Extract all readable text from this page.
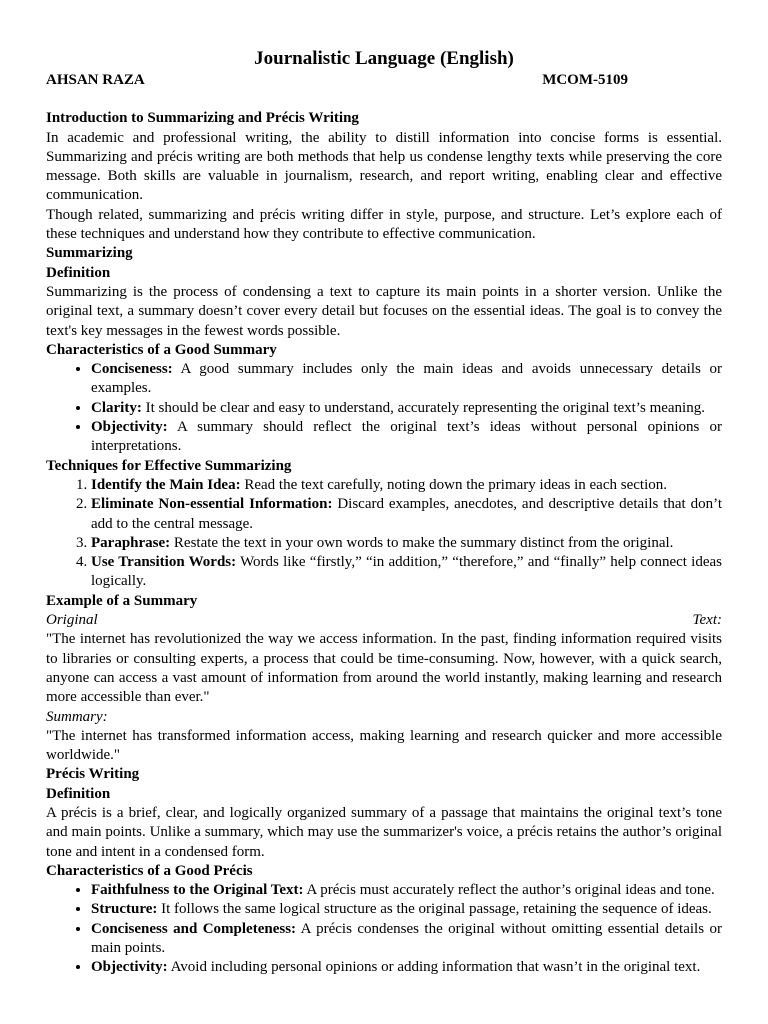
Journalistic Language (English)
AHSAN RAZA	MCOM-5109
Introduction to Summarizing and Précis Writing

In academic and professional writing, the ability to distill information into concise forms is essential. Summarizing and précis writing are both methods that help us condense lengthy texts while preserving the core message. Both skills are valuable in journalism, research, and report writing, enabling clear and effective communication.

Though related, summarizing and précis writing differ in style, purpose, and structure. Let’s explore each of these techniques and understand how they contribute to effective communication.

Summarizing
Definition

Summarizing is the process of condensing a text to capture its main points in a shorter version. Unlike the original text, a summary doesn’t cover every detail but focuses on the essential ideas. The goal is to convey the text's key messages in the fewest words possible.

Characteristics of a Good Summary
• Conciseness: A good summary includes only the main ideas and avoids unnecessary details or examples.
• Clarity: It should be clear and easy to understand, accurately representing the original text’s meaning.
• Objectivity: A summary should reflect the original text’s ideas without personal opinions or interpretations.
Techniques for Effective Summarizing
1. Identify the Main Idea: Read the text carefully, noting down the primary ideas in each section.
2. Eliminate Non-essential Information: Discard examples, anecdotes, and descriptive details that don’t add to the central message.
3. Paraphrase: Restate the text in your own words to make the summary distinct from the original.
4. Use Transition Words: Words like “firstly,” “in addition,” “therefore,” and “finally” help connect ideas logically.
Example of a Summary
Original	Text:

"The internet has revolutionized the way we access information. In the past, finding information required visits to libraries or consulting experts, a process that could be time-consuming. Now, however, with a quick search, anyone can access a vast amount of information from around the world instantly, making learning and research more accessible than ever."

Summary:

"The internet has transformed information access, making learning and research quicker and more accessible worldwide."

Précis Writing
Definition

A précis is a brief, clear, and logically organized summary of a passage that maintains the original text’s tone and main points. Unlike a summary, which may use the summarizer's voice, a précis retains the author’s original tone and intent in a condensed form.

Characteristics of a Good Précis
• Faithfulness to the Original Text: A précis must accurately reflect the author’s original ideas and tone.
• Structure: It follows the same logical structure as the original passage, retaining the sequence of ideas.
• Conciseness and Completeness: A précis condenses the original without omitting essential details or main points.
• Objectivity: Avoid including personal opinions or adding information that wasn’t in the original text.
